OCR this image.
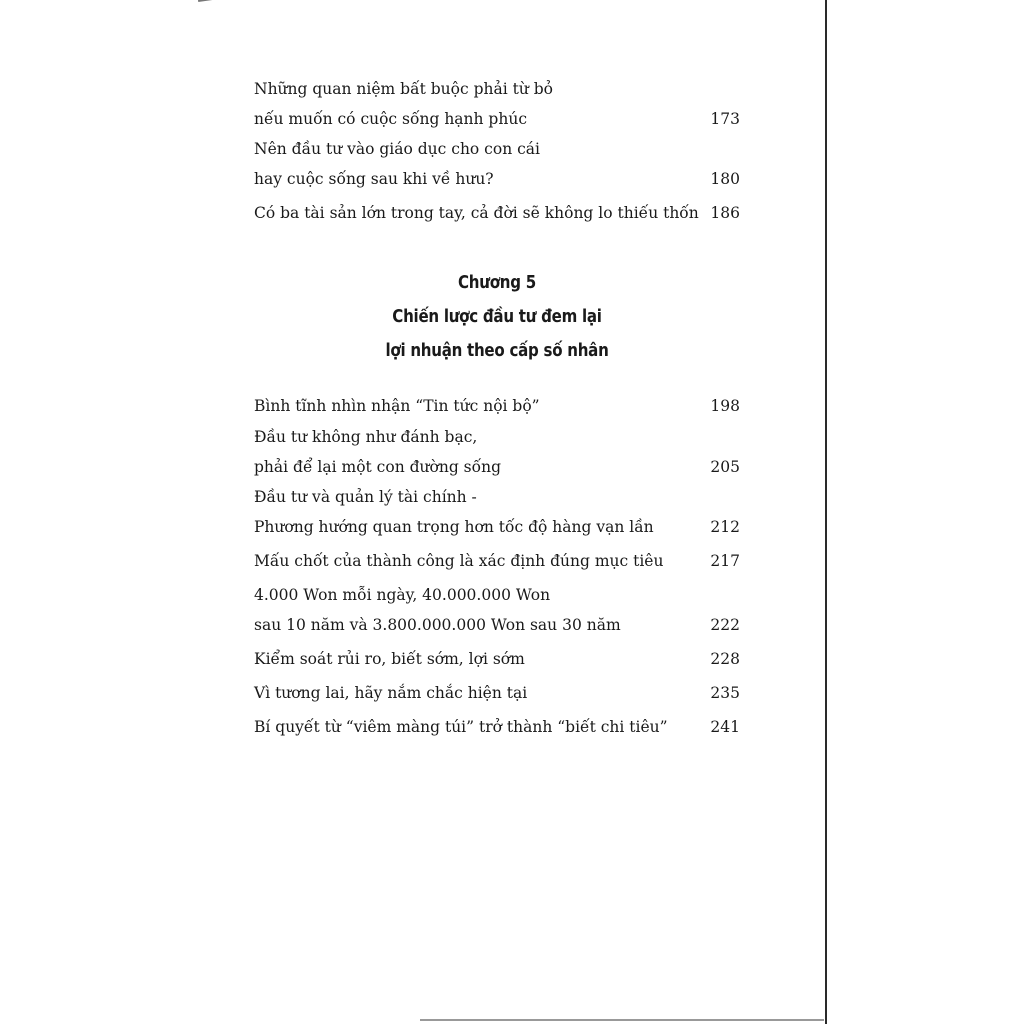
Những quan niệm bất buộc phải từ bỏ
nếu muốn có cuộc sống hạnh phúc	173
Nên đầu tư vào giáo dục cho con cái
hay cuộc sống sau khi về hưu?	180
Có ba tài sản lớn trong tay, cả đời sẽ không lo thiếu thốn 186
Chương 5
Chiến lược đầu tư đem lại
lợi nhuận theo cấp số nhân
Bình tĩnh nhìn nhận “Tin tức nội bộ”	198
Đầu tư không như đánh bạc,
phải để lại một con đường sống	205
Đầu tư và quản lý tài chính -
Phương hướng quan trọng hơn tốc độ hàng vạn lần	212
Mấu chốt của thành công là xác định đúng mục tiêu	217
4.000 Won mỗi ngày, 40.000.000 Won
sau 10 năm và 3.800.000.000 Won sau 30 năm	222
Kiểm soát rủi ro, biết sớm, lợi sớm	228
Vì tương lai, hãy nắm chắc hiện tại	235
Bí quyết từ “viêm màng túi” trở thành “biết chi tiêu”	241
